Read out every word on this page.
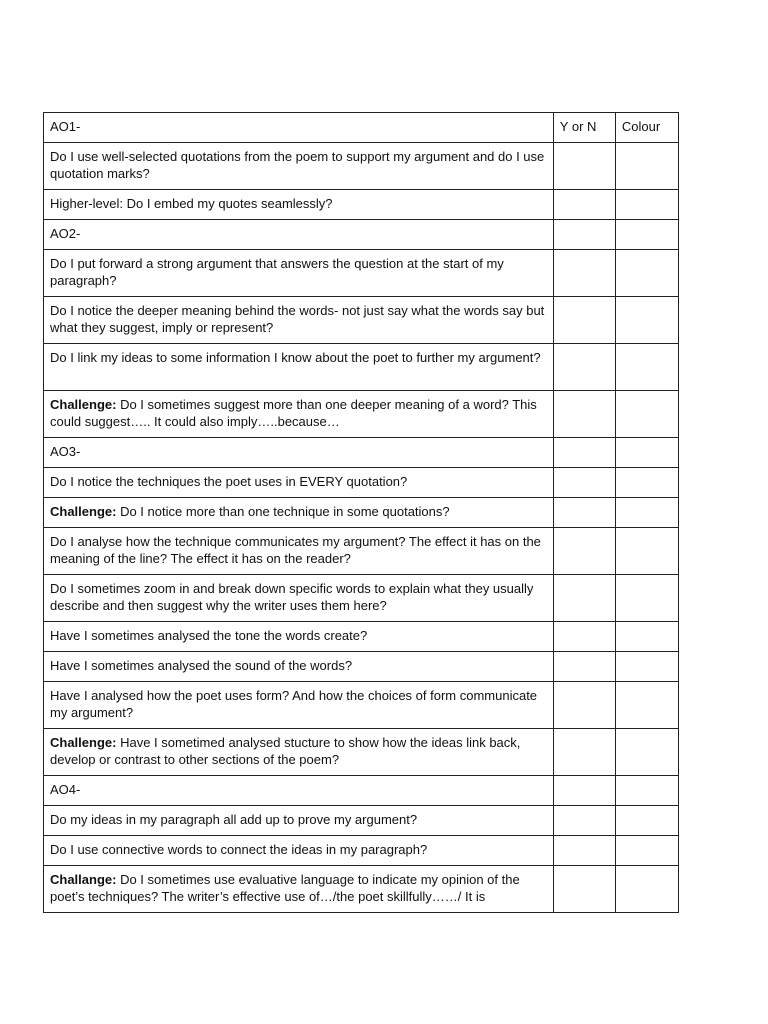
AO1-	Y or N	Colour

Do I use well-selected quotations from the poem to support my argument and do I use quotation marks?		

Higher-level: Do I embed my quotes seamlessly?		

AO2-		

Do I put forward a strong argument that answers the question at the start of my paragraph?		

Do I notice the deeper meaning behind the words- not just say what the words say but what they suggest, imply or represent?		

Do I link my ideas to some information I know about the poet to further my argument?		

Challenge: Do I sometimes suggest more than one deeper meaning of a word? This could suggest….. It could also imply…..because…		

AO3-		

Do I notice the techniques the poet uses in EVERY quotation?		

Challenge: Do I notice more than one technique in some quotations?		

Do I analyse how the technique communicates my argument? The effect it has on the meaning of the line? The effect it has on the reader?		

Do I sometimes zoom in and break down specific words to explain what they usually describe and then suggest why the writer uses them here?		

Have I sometimes analysed the tone the words create?		

Have I sometimes analysed the sound of the words?		

Have I analysed how the poet uses form? And how the choices of form communicate my argument?		

Challenge: Have I sometimed analysed stucture to show how the ideas link back, develop or contrast to other sections of the poem?		

AO4-		

Do my ideas in my paragraph all add up to prove my argument?		

Do I use connective words to connect the ideas in my paragraph?		

Challange: Do I sometimes use evaluative language to indicate my opinion of the poet’s techniques? The writer’s effective use of…/the poet skillfully……/ It is		
